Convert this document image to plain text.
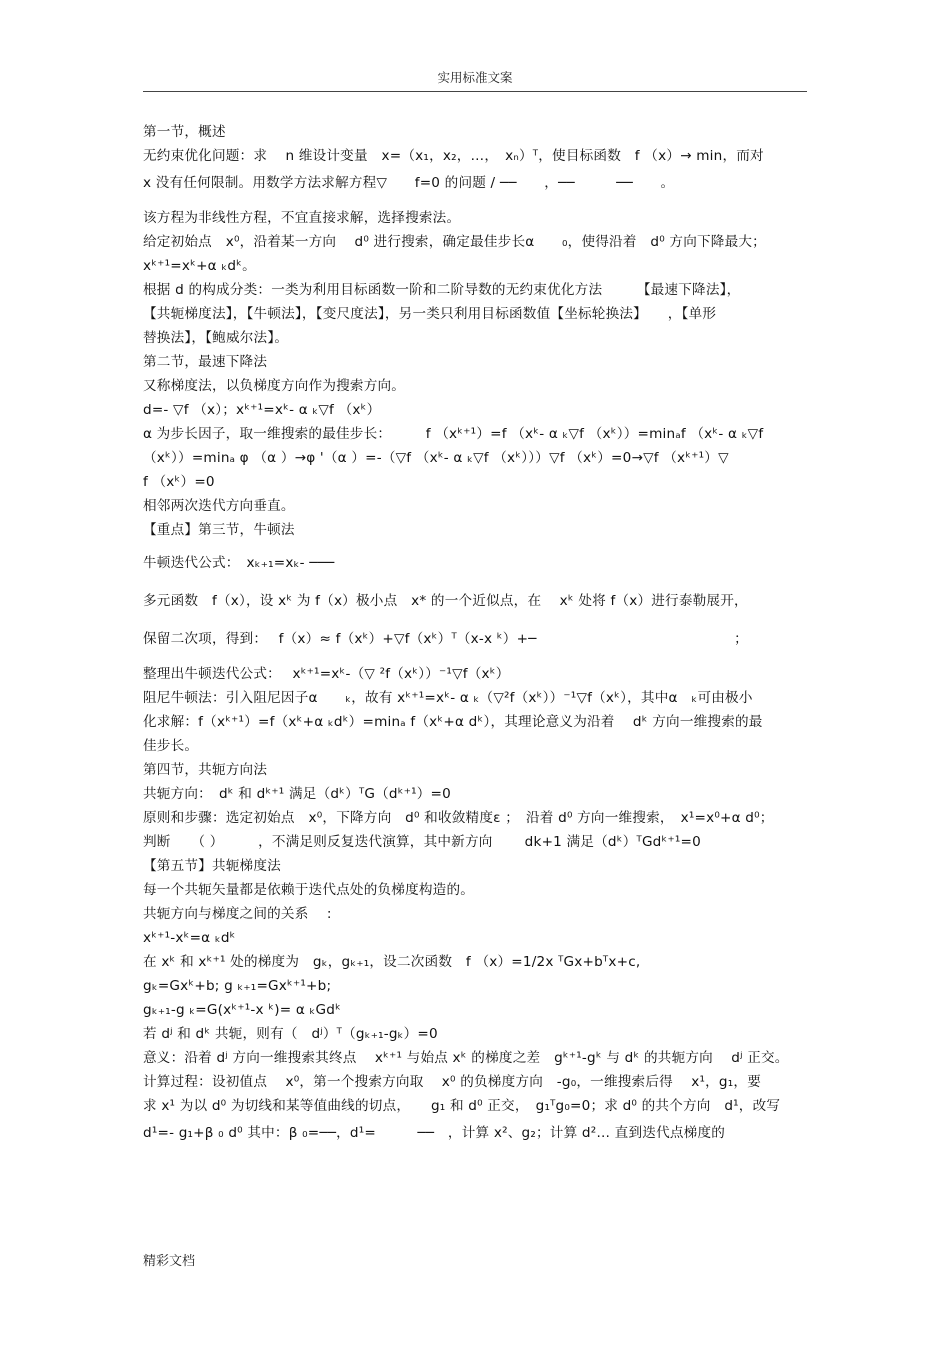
实用标准文案
第一节，概述
无约束优化问题：求　 n 维设计变量　x=（x₁，x₂，…，　xₙ）ᵀ，使目标函数　f （x）→ min，而对
x 没有任何限制。用数学方法求解方程▽　　f=0 的问题 / ──　　，──　　　──　　。
该方程为非线性方程，不宜直接求解，选择搜索法。
给定初始点　x⁰，沿着某一方向　 d⁰ 进行搜索，确定最佳步长α　　₀，使得沿着　d⁰ 方向下降最大；
xᵏ⁺¹=xᵏ+α ₖdᵏ。
根据 d 的构成分类：一类为利用目标函数一阶和二阶导数的无约束优化方法　　　【最速下降法】，
【共轭梯度法】，【牛顿法】，【变尺度法】，另一类只利用目标函数值【坐标轮换法】　　，【单形
替换法】，【鲍威尔法】。
第二节，最速下降法
又称梯度法，以负梯度方向作为搜索方向。
d=- ▽f （x）；xᵏ⁺¹=xᵏ- α ₖ▽f （xᵏ）
α 为步长因子，取一维搜索的最佳步长：　　　f （xᵏ⁺¹）=f （xᵏ- α ₖ▽f （xᵏ））=minₐf （xᵏ- α ₖ▽f
（xᵏ））=minₐ φ （α ）→φ '（α ）=-（▽f （xᵏ- α ₖ▽f （xᵏ）））▽f （xᵏ）=0→▽f （xᵏ⁺¹）▽
f （xᵏ）=0
相邻两次迭代方向垂直。
【重点】第三节，牛顿法
牛顿迭代公式：　xₖ₊₁=xₖ- ───
多元函数　f（x），设 xᵏ 为 f（x）极小点　x* 的一个近似点，在　 xᵏ 处将 f（x）进行泰勒展开，
保留二次项，得到：　 f（x）≈ f（xᵏ）+▽f（xᵏ）ᵀ（x-x ᵏ）+─　　　　　　　　　　　　　　 ；
整理出牛顿迭代公式：　 xᵏ⁺¹=xᵏ-（▽ ²f（xᵏ））⁻¹▽f（xᵏ）
阻尼牛顿法：引入阻尼因子α　　ₖ，故有 xᵏ⁺¹=xᵏ- α ₖ（▽²f（xᵏ））⁻¹▽f（xᵏ），其中α　ₖ可由极小
化求解：f（xᵏ⁺¹）=f（xᵏ+α ₖdᵏ）=minₐ f（xᵏ+α dᵏ），其理论意义为沿着　 dᵏ 方向一维搜索的最
佳步长。
第四节，共轭方向法
共轭方向：　dᵏ 和 dᵏ⁺¹ 满足（dᵏ）ᵀG（dᵏ⁺¹）=0
原则和步骤：选定初始点　x⁰，下降方向　d⁰ 和收敛精度ε ；　沿着 d⁰ 方向一维搜索，　x¹=x⁰+α d⁰；
判断　　（ ）　　　，不满足则反复迭代演算，其中新方向　　 dk+1 满足（dᵏ）ᵀGdᵏ⁺¹=0
【第五节】共轭梯度法
每一个共轭矢量都是依赖于迭代点处的负梯度构造的。
共轭方向与梯度之间的关系　 :
xᵏ⁺¹-xᵏ=α ₖdᵏ
在 xᵏ 和 xᵏ⁺¹ 处的梯度为　gₖ，gₖ₊₁，设二次函数　f （x）=1/2x ᵀGx+bᵀx+c,
gₖ=Gxᵏ+b; g ₖ₊₁=Gxᵏ⁺¹+b;
gₖ₊₁-g ₖ=G(xᵏ⁺¹-x ᵏ)= α ₖGdᵏ
若 dʲ 和 dᵏ 共轭，则有（　dʲ）ᵀ（gₖ₊₁-gₖ）=0
意义：沿着 dʲ 方向一维搜索其终点　 xᵏ⁺¹ 与始点 xᵏ 的梯度之差　gᵏ⁺¹-gᵏ 与 dᵏ 的共轭方向　 dʲ 正交。
计算过程：设初值点　 x⁰，第一个搜索方向取　 x⁰ 的负梯度方向　-g₀，一维搜索后得　 x¹，g₁，要
求 x¹ 为以 d⁰ 为切线和某等值曲线的切点，　　g₁ 和 d⁰ 正交，　g₁ᵀg₀=0；求 d⁰ 的共个方向　d¹，改写
d¹=- g₁+β ₀ d⁰ 其中：β ₀=──，d¹=　　　──　，计算 x²、g₂；计算 d²… 直到迭代点梯度的
精彩文档
